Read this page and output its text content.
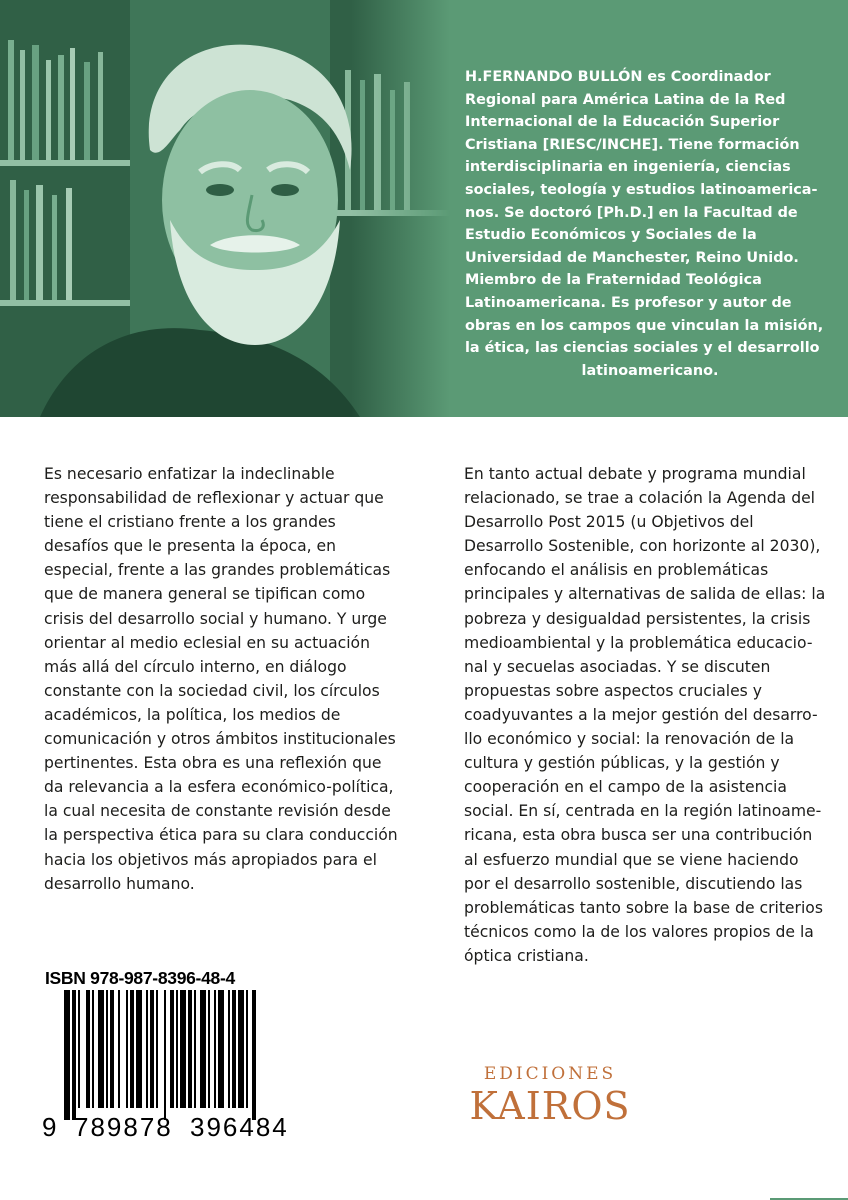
H.FERNANDO BULLÓN es Coordinador
Regional para América Latina de la Red
Internacional de la Educación Superior
Cristiana [RIESC/INCHE]. Tiene formación
interdisciplinaria en ingeniería, ciencias
sociales, teología y estudios latinoamerica-
nos. Se doctoró [Ph.D.] en la Facultad de
Estudio Económicos y Sociales de la
Universidad de Manchester, Reino Unido.
Miembro de la Fraternidad Teológica
Latinoamericana. Es profesor y autor de
obras en los campos que vinculan la misión,
la ética, las ciencias sociales y el desarrollo
latinoamericano.

Es necesario enfatizar la indeclinable
responsabilidad de reflexionar y actuar que
tiene el cristiano frente a los grandes
desafíos que le presenta la época, en
especial, frente a las grandes problemáticas
que de manera general se tipifican como
crisis del desarrollo social y humano. Y urge
orientar al medio eclesial en su actuación
más allá del círculo interno, en diálogo
constante con la sociedad civil, los círculos
académicos, la política, los medios de
comunicación y otros ámbitos institucionales
pertinentes. Esta obra es una reflexión que
da relevancia a la esfera económico-política,
la cual necesita de constante revisión desde
la perspectiva ética para su clara conducción
hacia los objetivos más apropiados para el
desarrollo humano.

En tanto actual debate y programa mundial
relacionado, se trae a colación la Agenda del
Desarrollo Post 2015 (u Objetivos del
Desarrollo Sostenible, con horizonte al 2030),
enfocando el análisis en problemáticas
principales y alternativas de salida de ellas: la
pobreza y desigualdad persistentes, la crisis
medioambiental y la problemática educacio-
nal y secuelas asociadas. Y se discuten
propuestas sobre aspectos cruciales y
coadyuvantes a la mejor gestión del desarro-
llo económico y social: la renovación de la
cultura y gestión públicas, y la gestión y
cooperación en el campo de la asistencia
social. En sí, centrada en la región latinoame-
ricana, esta obra busca ser una contribución
al esfuerzo mundial que se viene haciendo
por el desarrollo sostenible, discutiendo las
problemáticas tanto sobre la base de criterios
técnicos como la de los valores propios de la
óptica cristiana.

ISBN 978-987-8396-48-4
9 789878 396484
EDICIONES
KAIROS
